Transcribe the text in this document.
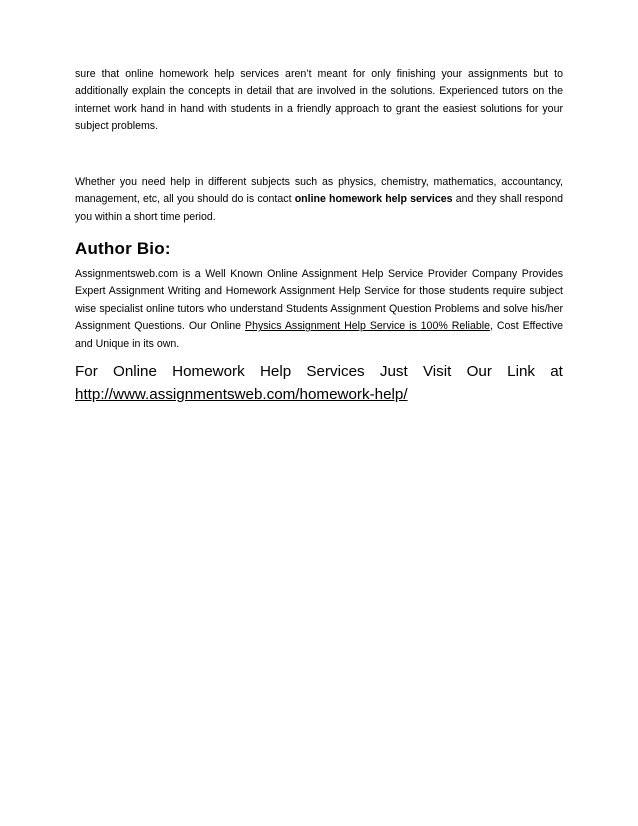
sure that online homework help services aren’t meant for only finishing your assignments but to additionally explain the concepts in detail that are involved in the solutions. Experienced tutors on the internet work hand in hand with students in a friendly approach to grant the easiest solutions for your subject problems.
Whether you need help in different subjects such as physics, chemistry, mathematics, accountancy, management, etc, all you should do is contact online homework help services and they shall respond you within a short time period.
Author Bio:
Assignmentsweb.com is a Well Known Online Assignment Help Service Provider Company Provides Expert Assignment Writing and Homework Assignment Help Service for those students require subject wise specialist online tutors who understand Students Assignment Question Problems and solve his/her Assignment Questions. Our Online Physics Assignment Help Service is 100% Reliable, Cost Effective and Unique in its own.
For Online Homework Help Services Just Visit Our Link at
http://www.assignmentsweb.com/homework-help/
